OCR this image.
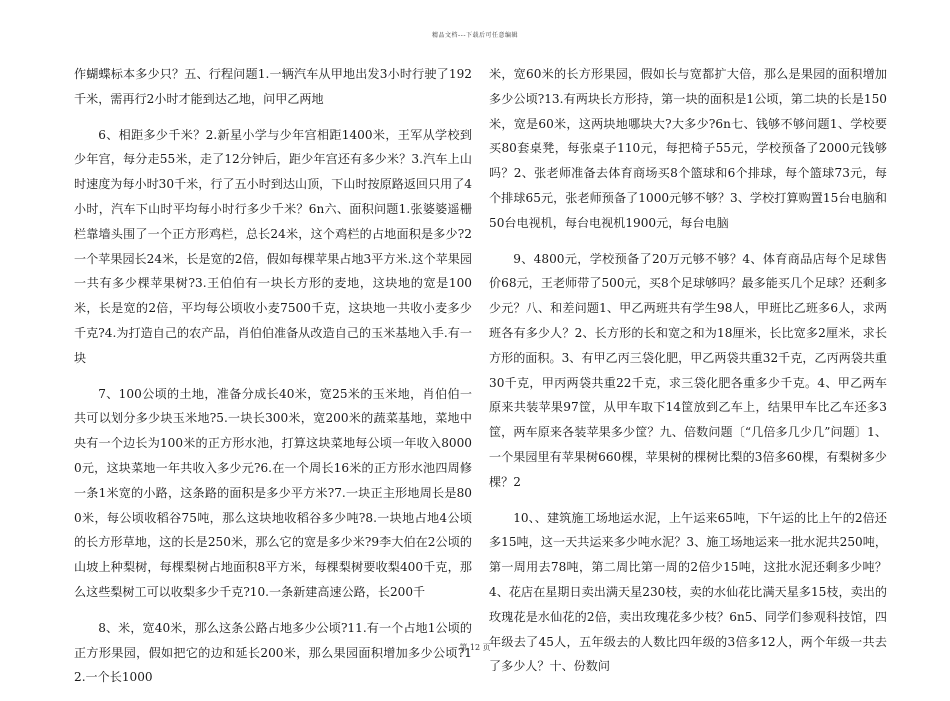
精品文档---下载后可任意编辑

作蝴蝶标本多少只？五、行程问题1.一辆汽车从甲地出发3小时行驶了192千米，需再行2小时才能到达乙地，问甲乙两地

6、相距多少千米？2.新星小学与少年宫相距1400米，王军从学校到少年宫，每分走55米，走了12分钟后，距少年宫还有多少米？3.汽车上山时速度为每小时30千米，行了五小时到达山顶，下山时按原路返回只用了4小时，汽车下山时平均每小时行多少千米？6n六、面积问题1.张婆婆遥栅栏靠墙头围了一个正方形鸡栏，总长24米，这个鸡栏的占地面积是多少?2一个苹果园长24米，长是宽的2倍，假如每棵苹果占地3平方米.这个苹果园一共有多少棵苹果树?3.王伯伯有一块长方形的麦地，这块地的宽是100米，长是宽的2倍，平均每公顷收小麦7500千克，这块地一共收小麦多少千克?4.为打造自己的农产品，肖伯伯准备从改造自己的玉米基地入手.有一块

7、100公顷的土地，准备分成长40米，宽25米的玉米地，肖伯伯一共可以划分多少块玉米地?5.一块长300米，宽200米的蔬菜基地，菜地中央有一个边长为100米的正方形水池，打算这块菜地每公顷一年收入80000元，这块菜地一年共收入多少元?6.在一个周长16米的正方形水池四周修一条1米宽的小路，这条路的面积是多少平方米?7.一块正主形地周长是800米，每公顷收稻谷75吨，那么这块地收稻谷多少吨?8.一块地占地4公顷的长方形草地，这的长是250米，那么它的宽是多少米?9李大伯在2公顷的山坡上种梨树，每棵梨树占地面积8平方米，每棵梨树要收梨400千克，那么这些梨树工可以收梨多少千克?10.一条新建高速公路，长200千

8、米，宽40米，那么这条公路占地多少公顷?11.有一个占地1公顷的正方形果园，假如把它的边和延长200米，那么果园面积增加多少公顷?12.一个长1000

米，宽60米的长方形果园，假如长与宽都扩大倍，那么是果园的面积增加多少公顷?13.有两块长方形持，第一块的面积是1公顷，第二块的长是150米，宽是60米，这两块地哪块大?大多少?6n七、钱够不够问题1、学校要买80套桌凳，每张桌子110元，每把椅子55元，学校预备了2000元钱够吗？2、张老师准备去体育商场买8个篮球和6个排球，每个篮球73元，每个排球65元，张老师预备了1000元够不够？3、学校打算购置15台电脑和50台电视机，每台电视机1900元，每台电脑

9、4800元，学校预备了20万元够不够？4、体育商品店每个足球售价68元，王老师带了500元，买8个足球够吗？最多能买几个足球？还剩多少元？八、和差问题1、甲乙两班共有学生98人，甲班比乙班多6人，求两班各有多少人？2、长方形的长和宽之和为18厘米，长比宽多2厘米，求长方形的面积。3、有甲乙丙三袋化肥，甲乙两袋共重32千克，乙丙两袋共重30千克，甲丙两袋共重22千克，求三袋化肥各重多少千克。4、甲乙两车原来共装苹果97筐，从甲车取下14筐放到乙车上，结果甲车比乙车还多3筐，两车原来各装苹果多少筐？九、倍数问题〔“几倍多几少几”问题〕1、一个果园里有苹果树660棵，苹果树的棵树比梨的3倍多60棵，有梨树多少棵？2

10、、建筑施工场地运水泥，上午运来65吨，下午运的比上午的2倍还多15吨，这一天共运来多少吨水泥？3、施工场地运来一批水泥共250吨，第一周用去78吨，第二周比第一周的2倍少15吨，这批水泥还剩多少吨？4、花店在星期日卖出满天星230枝，卖的水仙花比满天星多15枝，卖出的玫瑰花是水仙花的2倍，卖出玫瑰花多少枝？6n5、同学们参观科技馆，四年级去了45人，五年级去的人数比四年级的3倍多12人，两个年级一共去了多少人？十、份数问

第 12 页
